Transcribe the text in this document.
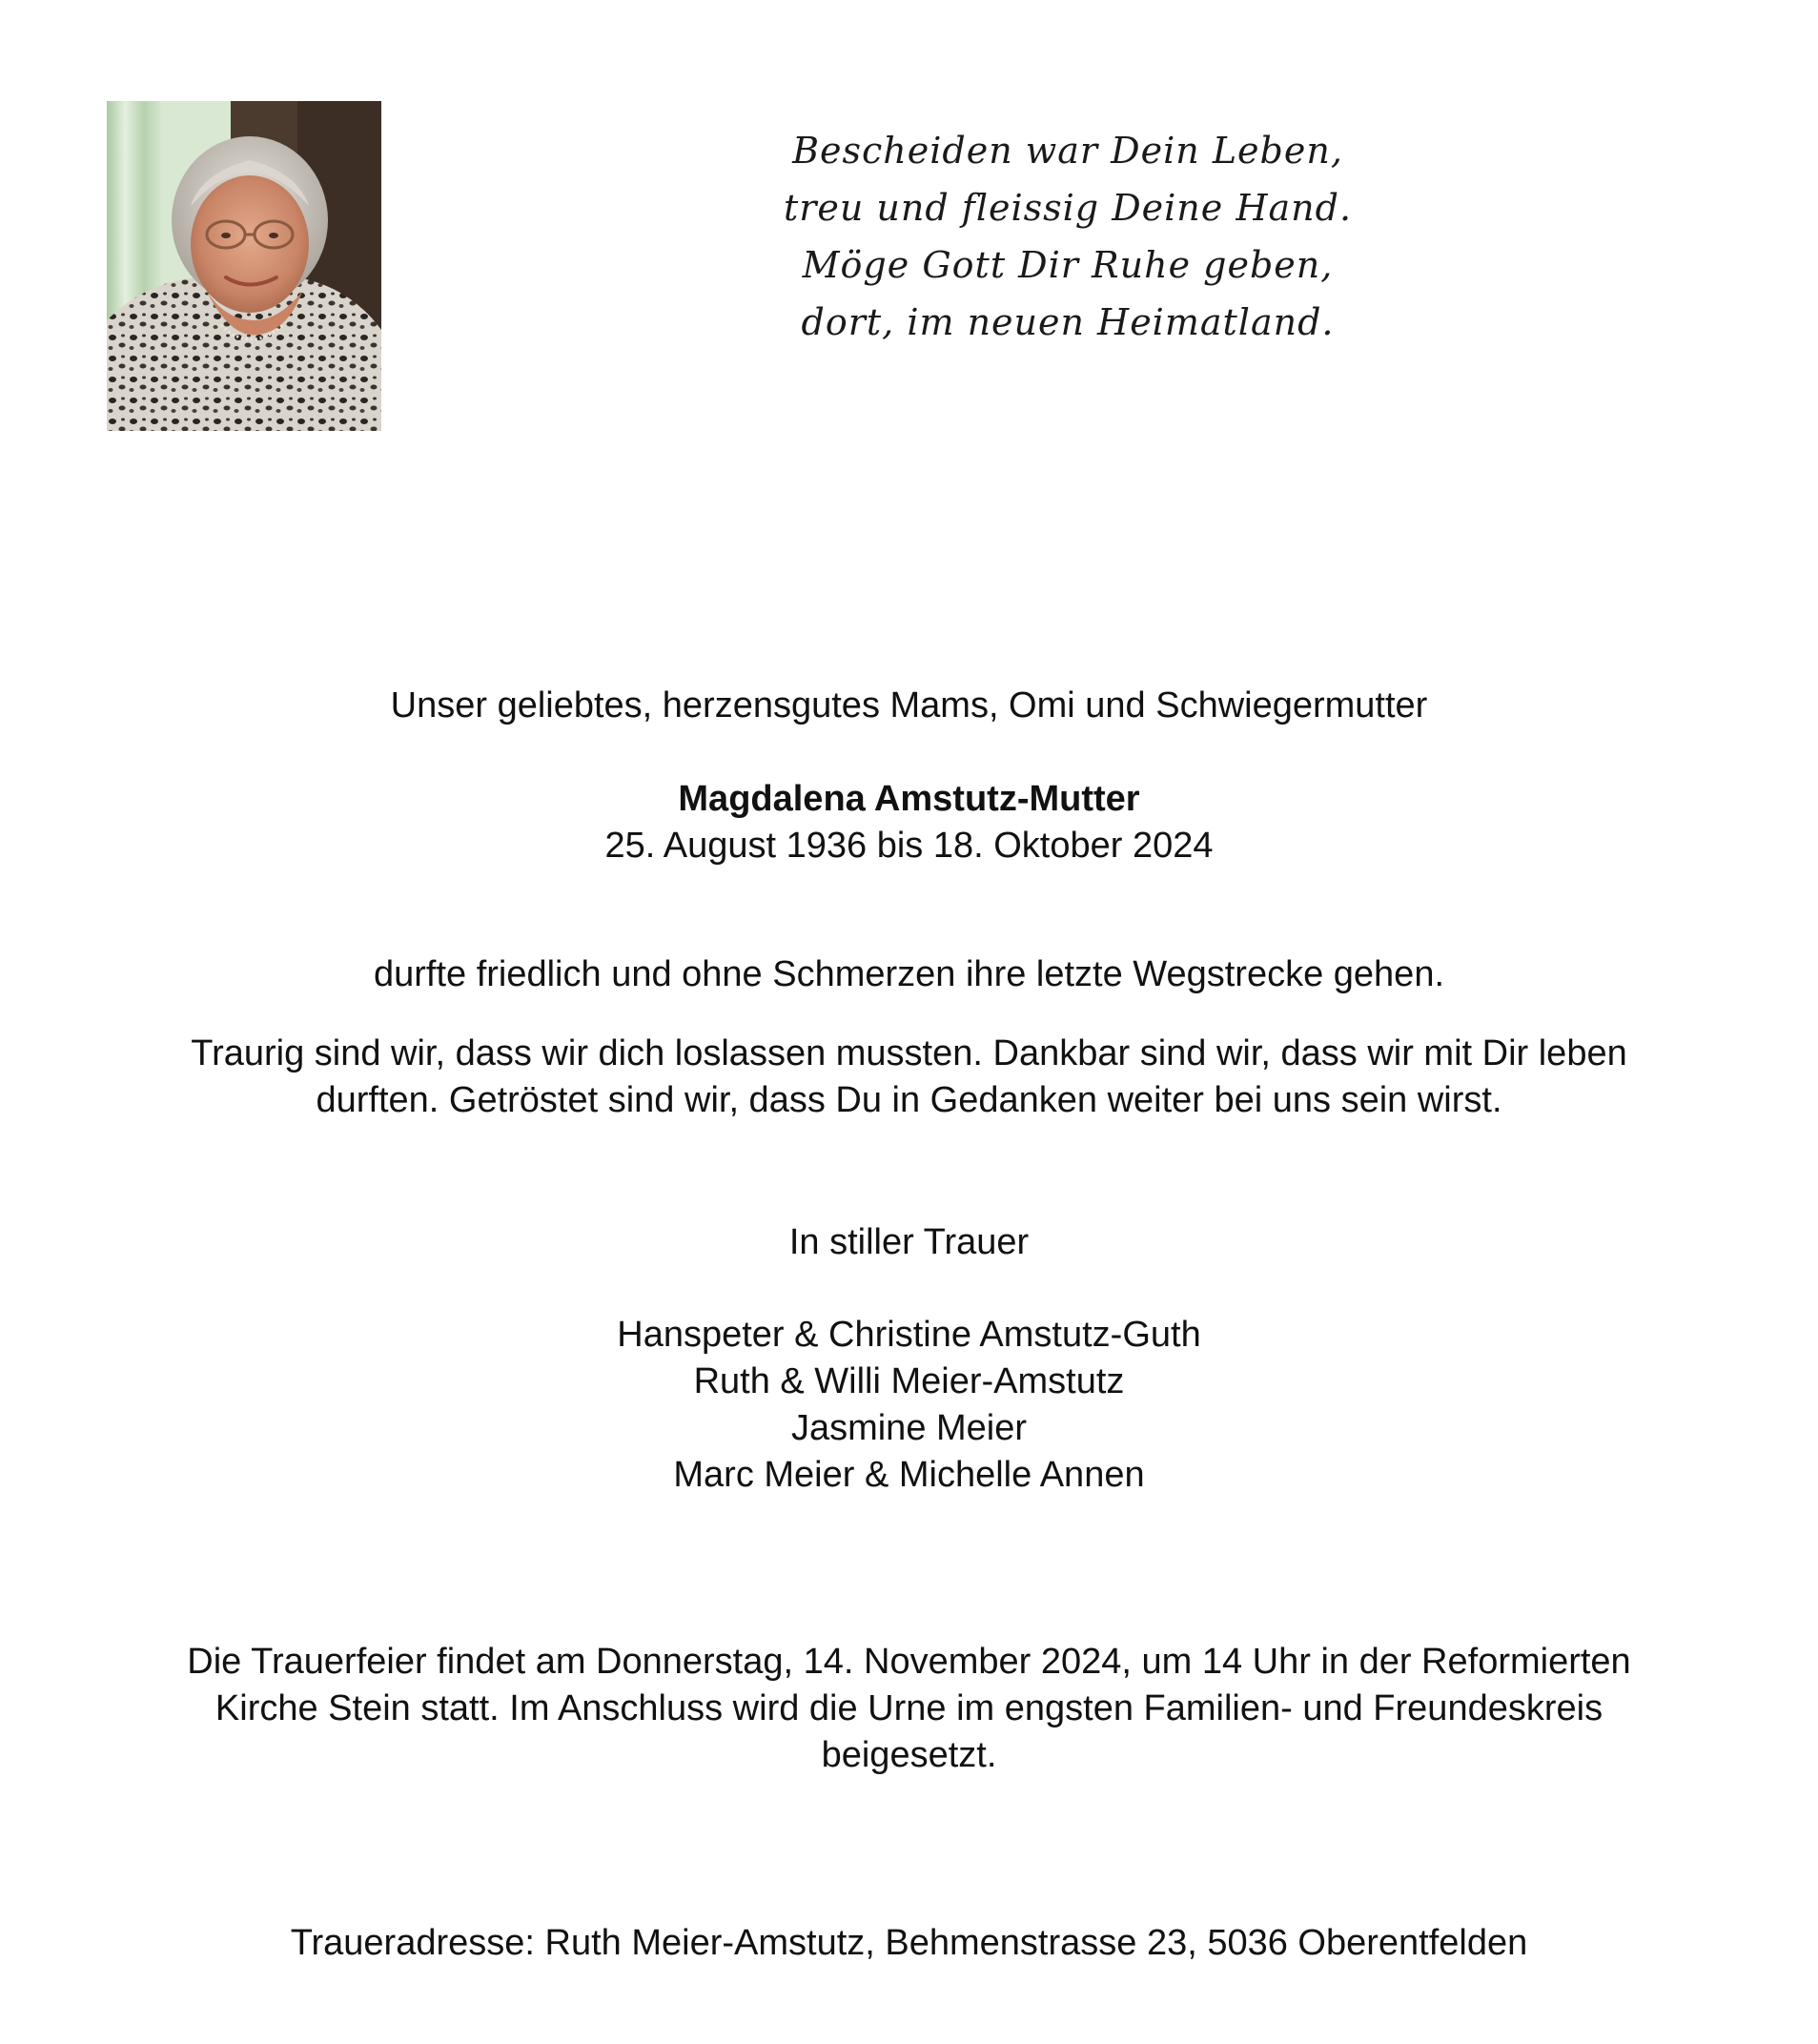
Bescheiden war Dein Leben,
treu und fleissig Deine Hand.
Möge Gott Dir Ruhe geben,
dort, im neuen Heimatland.
Unser geliebtes, herzensgutes Mams, Omi und Schwiegermutter
Magdalena Amstutz-Mutter
25. August 1936 bis 18. Oktober 2024
durfte friedlich und ohne Schmerzen ihre letzte Wegstrecke gehen.
Traurig sind wir, dass wir dich loslassen mussten. Dankbar sind wir, dass wir mit Dir leben
durften. Getröstet sind wir, dass Du in Gedanken weiter bei uns sein wirst.
In stiller Trauer
Hanspeter & Christine Amstutz-Guth
Ruth & Willi Meier-Amstutz
Jasmine Meier
Marc Meier & Michelle Annen
Die Trauerfeier findet am Donnerstag, 14. November 2024, um 14 Uhr in der Reformierten
Kirche Stein statt. Im Anschluss wird die Urne im engsten Familien- und Freundeskreis
beigesetzt.
Traueradresse: Ruth Meier-Amstutz, Behmenstrasse 23, 5036 Oberentfelden
